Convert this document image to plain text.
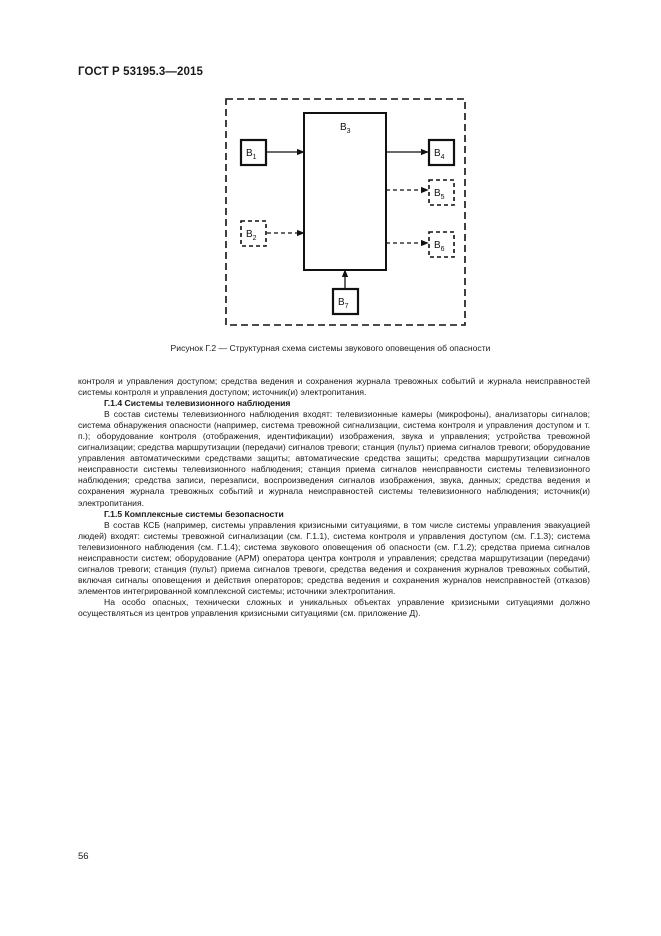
ГОСТ Р 53195.3—2015
$В_3$
$В_1$
$В_2$
$В_4$
$В_5$
$В_6$
$В_7$
Рисунок Г.2 — Структурная схема системы звукового оповещения об опасности

контроля и управления доступом; средства ведения и сохранения журнала тревожных событий и журнала неисправностей системы контроля и управления доступом; источник(и) электропитания.

Г.1.4 Системы телевизионного наблюдения

В состав системы телевизионного наблюдения входят: телевизионные камеры (микрофоны), анализаторы сигналов; система обнаружения опасности (например, система тревожной сигнализации, система контроля и управления доступом и т. п.); оборудование контроля (отображения, идентификации) изображения, звука и управления; устройства тревожной сигнализации; средства маршрутизации (передачи) сигналов тревоги; станция (пульт) приема сигналов тревоги; оборудование управления автоматическими средствами защиты; автоматические средства защиты; средства маршрутизации сигналов неисправности системы телевизионного наблюдения; станция приема сигналов неисправности системы телевизионного наблюдения; средства записи, перезаписи, воспроизведения сигналов изображения, звука, данных; средства ведения и сохранения журнала тревожных событий и журнала неисправностей системы телевизионного наблюдения; источник(и) электропитания.

Г.1.5 Комплексные системы безопасности

В состав КСБ (например, системы управления кризисными ситуациями, в том числе системы управления эвакуацией людей) входят: системы тревожной сигнализации (см. Г.1.1), система контроля и управления доступом (см. Г.1.3); система телевизионного наблюдения (см. Г.1.4); система звукового оповещения об опасности (см. Г.1.2); средства приема сигналов неисправности систем; оборудование (АРМ) оператора центра контроля и управления; средства маршрутизации (передачи) сигналов тревоги; станция (пульт) приема сигналов тревоги, средства ведения и сохранения журналов тревожных событий, включая сигналы оповещения и действия операторов; средства ведения и сохранения журналов неисправностей (отказов) элементов интегрированной комплексной системы; источники электропитания.

На особо опасных, технически сложных и уникальных объектах управление кризисными ситуациями должно осуществляться из центров управления кризисными ситуациями (см. приложение Д).

56
